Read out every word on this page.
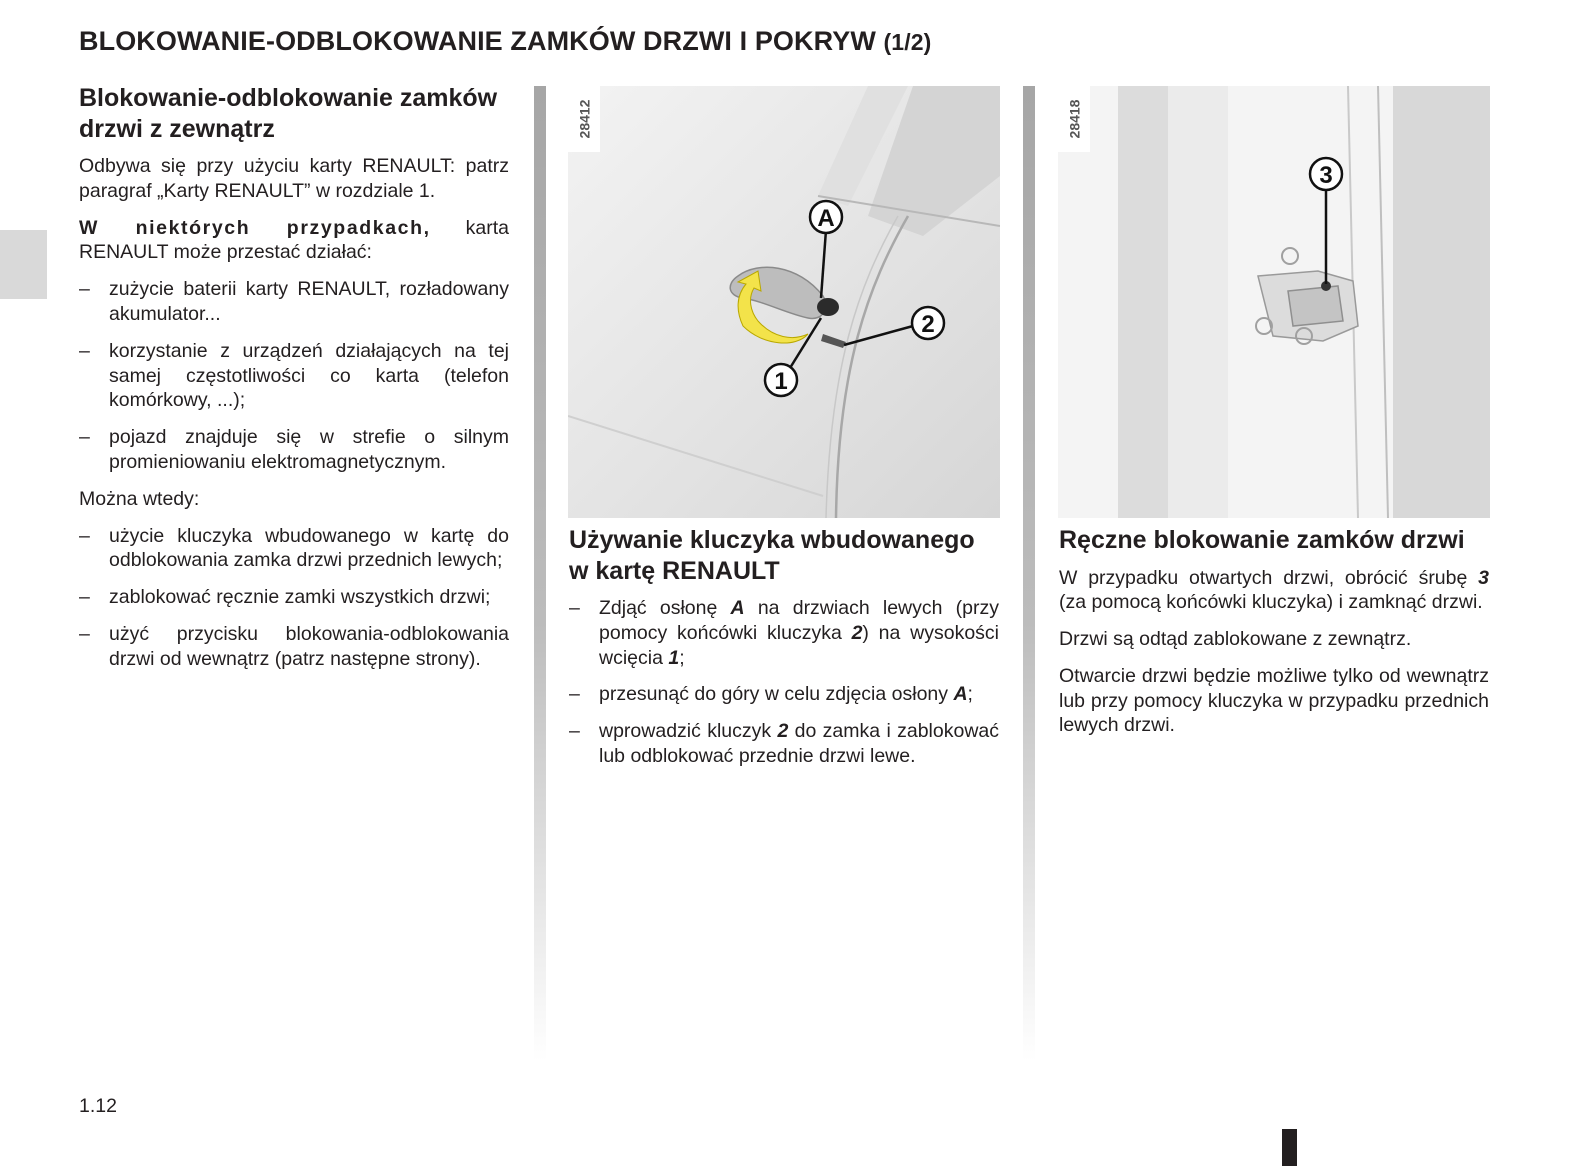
BLOKOWANIE-ODBLOKOWANIE ZAMKÓW DRZWI I POKRYW (1/2)
Blokowanie-odblokowanie zamków drzwi z zewnątrz

Odbywa się przy użyciu karty RENAULT: patrz paragraf „Karty RENAULT” w rozdziale 1.

W niektórych przypadkach, karta RENAULT może przestać działać:

– zużycie baterii karty RENAULT, rozładowany akumulator...
– korzystanie z urządzeń działających na tej samej częstotliwości co karta (telefon komórkowy, ...);
– pojazd znajduje się w strefie o silnym promieniowaniu elektromagnetycznym.

Można wtedy:

– użycie kluczyka wbudowanego w kartę do odblokowania zamka drzwi przednich lewych;
– zablokować ręcznie zamki wszystkich drzwi;
– użyć przycisku blokowania-odblokowania drzwi od wewnątrz (patrz następne strony).
A
1
2
28412
Używanie kluczyka wbudowanego w kartę RENAULT
– Zdjąć osłonę A na drzwiach lewych (przy pomocy końcówki kluczyka 2) na wysokości wcięcia 1;
– przesunąć do góry w celu zdjęcia osłony A;
– wprowadzić kluczyk 2 do zamka i zablokować lub odblokować przednie drzwi lewe.
3
28418
Ręczne blokowanie zamków drzwi

W przypadku otwartych drzwi, obrócić śrubę 3 (za pomocą końcówki kluczyka) i zamknąć drzwi.

Drzwi są odtąd zablokowane z zewnątrz.

Otwarcie drzwi będzie możliwe tylko od wewnątrz lub przy pomocy kluczyka w przypadku przednich lewych drzwi.

1.12
